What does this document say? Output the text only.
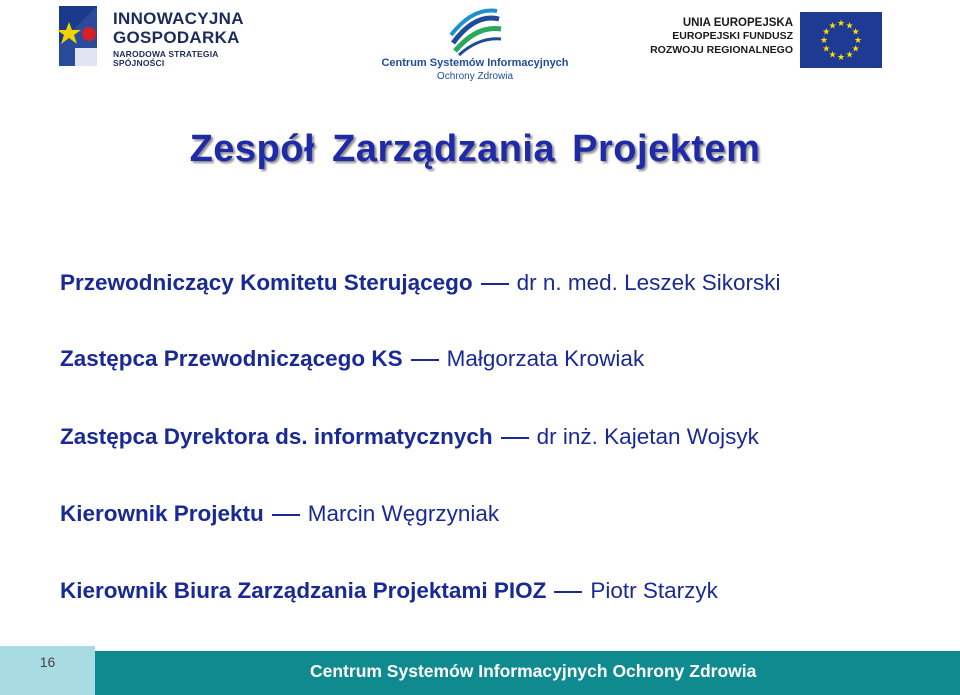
INNOWACYJNA
GOSPODARKA
NARODOWA STRATEGIA SPÓJNOŚCI	Centrum Systemów Informacyjnych
Ochrony Zdrowia
UNIA EUROPEJSKA
EUROPEJSKI FUNDUSZ
ROZWOJU REGIONALNEGO
★ ★
★
★
★
★
★
★
★
★
★
★
Zespół Zarządzania Projektem
Przewodniczący Komitetu Sterującego dr n. med. Leszek Sikorski
Zastępca Przewodniczącego KS Małgorzata Krowiak
Zastępca Dyrektora ds. informatycznych dr inż. Kajetan Wojsyk
Kierownik Projektu Marcin Węgrzyniak
Kierownik Biura Zarządzania Projektami PIOZ Piotr Starzyk
16	Centrum Systemów Informacyjnych Ochrony Zdrowia
